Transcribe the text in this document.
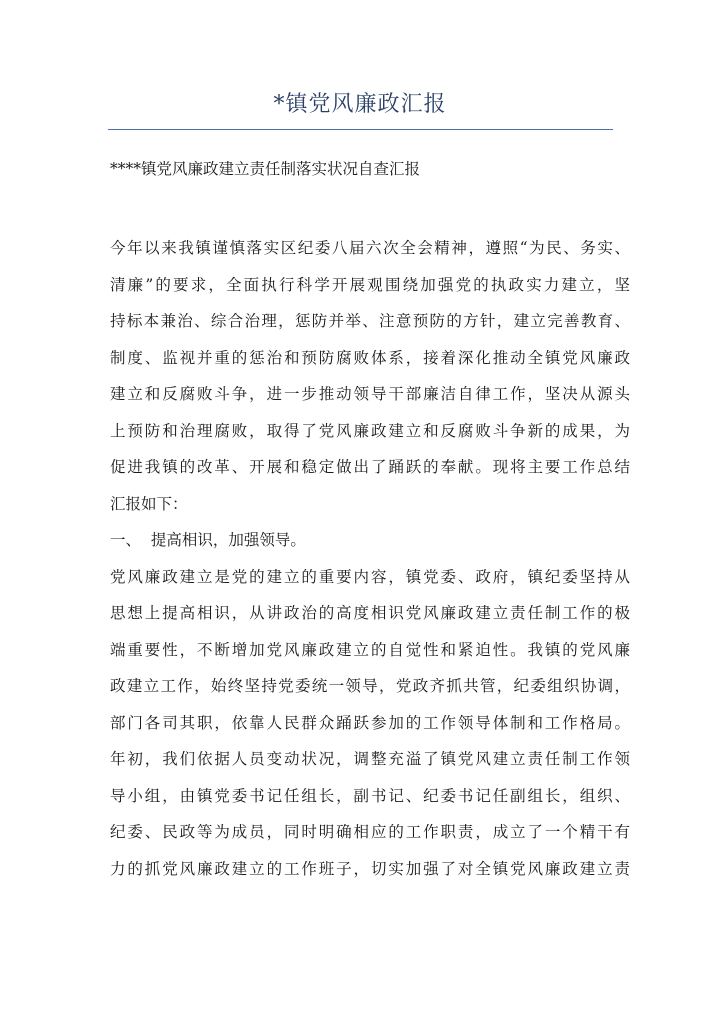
*镇党风廉政汇报
****镇党风廉政建立责任制落实状况自查汇报
今年以来我镇谨慎落实区纪委八届六次全会精神，遵照“为民、务实、
清廉”的要求，全面执行科学开展观围绕加强党的执政实力建立，坚
持标本兼治、综合治理，惩防并举、注意预防的方针，建立完善教育、
制度、监视并重的惩治和预防腐败体系，接着深化推动全镇党风廉政
建立和反腐败斗争，进一步推动领导干部廉洁自律工作，坚决从源头
上预防和治理腐败，取得了党风廉政建立和反腐败斗争新的成果，为
促进我镇的改革、开展和稳定做出了踊跃的奉献。现将主要工作总结
汇报如下：
一、  提高相识，加强领导。
党风廉政建立是党的建立的重要内容，镇党委、政府，镇纪委坚持从
思想上提高相识，从讲政治的高度相识党风廉政建立责任制工作的极
端重要性，不断增加党风廉政建立的自觉性和紧迫性。我镇的党风廉
政建立工作，始终坚持党委统一领导，党政齐抓共管，纪委组织协调，
部门各司其职，依靠人民群众踊跃参加的工作领导体制和工作格局。
年初，我们依据人员变动状况，调整充溢了镇党风建立责任制工作领
导小组，由镇党委书记任组长，副书记、纪委书记任副组长，组织、
纪委、民政等为成员，同时明确相应的工作职责，成立了一个精干有
力的抓党风廉政建立的工作班子，切实加强了对全镇党风廉政建立责
